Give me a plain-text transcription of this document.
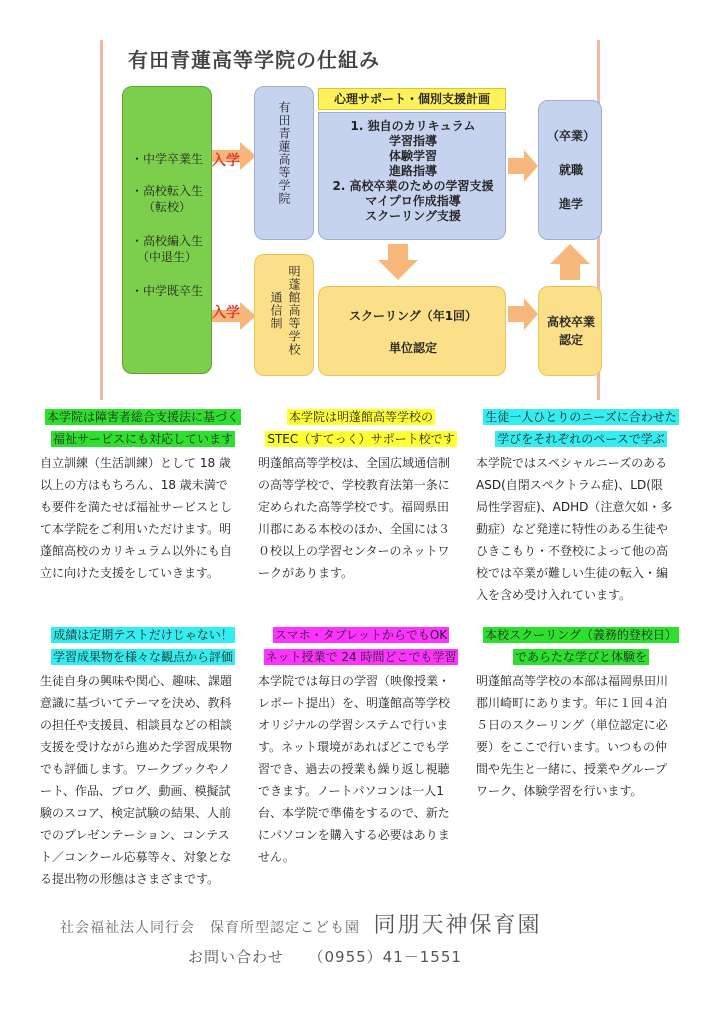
有田青蓮高等学院の仕組み
・中学卒業生
・高校転入生
（転校）
・高校編入生
（中退生）
・中学既卒生
入学
入学
有田青蓮高等学院
明蓬館高等学校
通信制
心理サポート・個別支援計画
1. 独自のカリキュラム
学習指導
体験学習
進路指導
2. 高校卒業のための学習支援
マイプロ作成指導
スクーリング支援
スクーリング（年1回）
単位認定
（卒業）
就職
進学
高校卒業
認定
本学院は障害者総合支援法に基づく
福祉サービスにも対応しています
自立訓練（生活訓練）として 18 歳
以上の方はもちろん、18 歳未満で
も要件を満たせば福祉サービスとし
て本学院をご利用いただけます。明
蓬館高校のカリキュラム以外にも自
立に向けた支援をしていきます。
本学院は明蓬館高等学校の
STEC（すてっく）サポート校です
明蓬館高等学校は、全国広域通信制
の高等学校で、学校教育法第一条に
定められた高等学校です。福岡県田
川郡にある本校のほか、全国には３
０校以上の学習センターのネットワ
ークがあります。
生徒一人ひとりのニーズに合わせた
学びをそれぞれのペースで学ぶ
本学院ではスペシャルニーズのある
ASD(自閉スペクトラム症)、LD(限
局性学習症)、ADHD（注意欠如・多
動症）など発達に特性のある生徒や
ひきこもり・不登校によって他の高
校では卒業が難しい生徒の転入・編
入を含め受け入れています。
成績は定期テストだけじゃない！
学習成果物を様々な観点から評価
生徒自身の興味や関心、趣味、課題
意識に基づいてテーマを決め、教科
の担任や支援員、相談員などの相談
支援を受けながら進めた学習成果物
でも評価します。ワークブックやノ
ート、作品、ブログ、動画、模擬試
験のスコア、検定試験の結果、人前
でのプレゼンテーション、コンテス
ト／コンクール応募等々、対象とな
る提出物の形態はさまざまです。
スマホ・タブレットからでもOK
ネット授業で 24 時間どこでも学習
本学院では毎日の学習（映像授業・
レポート提出）を、明蓬館高等学校
オリジナルの学習システムで行いま
す。ネット環境があればどこでも学
習でき、過去の授業も繰り返し視聴
できます。ノートパソコンは一人1
台、本学院で準備をするので、新た
にパソコンを購入する必要はありま
せん。
本校スクーリング（義務的登校日）
であらたな学びと体験を
明蓬館高等学校の本部は福岡県田川
郡川崎町にあります。年に１回４泊
５日のスクーリング（単位認定に必
要）をここで行います。いつもの仲
間や先生と一緒に、授業やグループ
ワーク、体験学習を行います。
社会福祉法人同行会　保育所型認定こども園 同朋天神保育園
お問い合わせ　　（0955）41－1551
